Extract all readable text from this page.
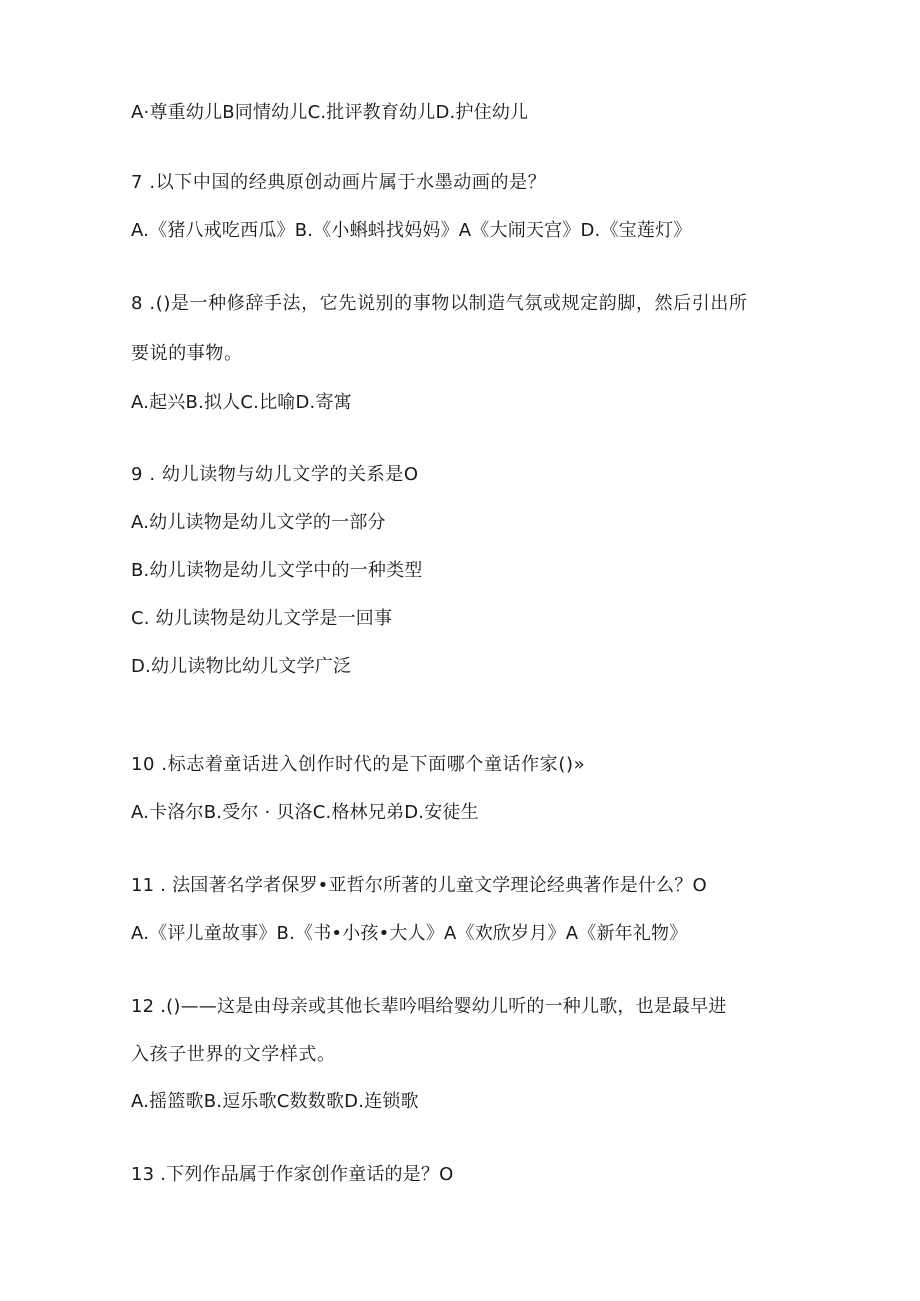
A·尊重幼儿B同情幼儿C.批评教育幼儿D.护住幼儿
7 .以下中国的经典原创动画片属于水墨动画的是？
A.《猪八戒吃西瓜》B.《小蝌蚪找妈妈》A《大闹天宫》D.《宝莲灯》
8 .()是一种修辞手法，它先说别的事物以制造气氛或规定韵脚，然后引出所
要说的事物。
A.起兴B.拟人C.比喻D.寄寓
9 . 幼儿读物与幼儿文学的关系是O
A.幼儿读物是幼儿文学的一部分
B.幼儿读物是幼儿文学中的一种类型
C. 幼儿读物是幼儿文学是一回事
D.幼儿读物比幼儿文学广泛
10 .标志着童话进入创作时代的是下面哪个童话作家()»
A.卡洛尔B.受尔 · 贝洛C.格林兄弟D.安徒生
11 . 法国著名学者保罗•亚哲尔所著的儿童文学理论经典著作是什么？O
A.《评儿童故事》B.《书•小孩•大人》A《欢欣岁月》A《新年礼物》
12 .()——这是由母亲或其他长辈吟唱给婴幼儿听的一种儿歌，也是最早进
入孩子世界的文学样式。
A.摇篮歌B.逗乐歌C数数歌D.连锁歌
13 .下列作品属于作家创作童话的是？O
